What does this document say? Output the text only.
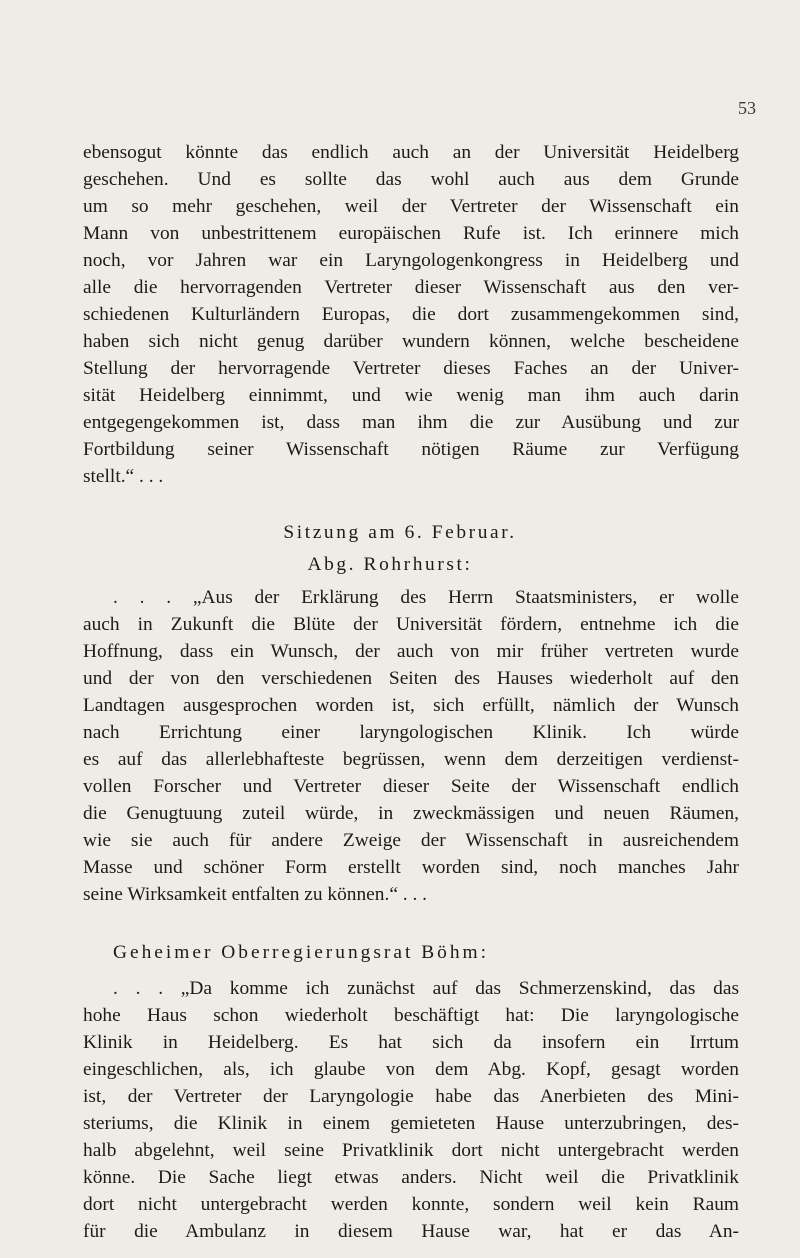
53
ebensogut könnte das endlich auch an der Universität Heidelberg
geschehen. Und es sollte das wohl auch aus dem Grunde
um so mehr geschehen, weil der Vertreter der Wissenschaft ein
Mann von unbestrittenem europäischen Rufe ist. Ich erinnere mich
noch, vor Jahren war ein Laryngologenkongress in Heidelberg und
alle die hervorragenden Vertreter dieser Wissenschaft aus den ver-
schiedenen Kulturländern Europas, die dort zusammengekommen sind,
haben sich nicht genug darüber wundern können, welche bescheidene
Stellung der hervorragende Vertreter dieses Faches an der Univer-
sität Heidelberg einnimmt, und wie wenig man ihm auch darin
entgegengekommen ist, dass man ihm die zur Ausübung und zur
Fortbildung seiner Wissenschaft nötigen Räume zur Verfügung
stellt.“ . . .
Sitzung am 6. Februar.
Abg. Rohrhurst:
. . . „Aus der Erklärung des Herrn Staatsministers, er wolle
auch in Zukunft die Blüte der Universität fördern, entnehme ich die
Hoffnung, dass ein Wunsch, der auch von mir früher vertreten wurde
und der von den verschiedenen Seiten des Hauses wiederholt auf den
Landtagen ausgesprochen worden ist, sich erfüllt, nämlich der Wunsch
nach Errichtung einer laryngologischen Klinik. Ich würde
es auf das allerlebhafteste begrüssen, wenn dem derzeitigen verdienst-
vollen Forscher und Vertreter dieser Seite der Wissenschaft endlich
die Genugtuung zuteil würde, in zweckmässigen und neuen Räumen,
wie sie auch für andere Zweige der Wissenschaft in ausreichendem
Masse und schöner Form erstellt worden sind, noch manches Jahr
seine Wirksamkeit entfalten zu können.“ . . .
Geheimer Oberregierungsrat Böhm:
. . . „Da komme ich zunächst auf das Schmerzenskind, das das
hohe Haus schon wiederholt beschäftigt hat: Die laryngologische
Klinik in Heidelberg. Es hat sich da insofern ein Irrtum
eingeschlichen, als, ich glaube von dem Abg. Kopf, gesagt worden
ist, der Vertreter der Laryngologie habe das Anerbieten des Mini-
steriums, die Klinik in einem gemieteten Hause unterzubringen, des-
halb abgelehnt, weil seine Privatklinik dort nicht untergebracht werden
könne. Die Sache liegt etwas anders. Nicht weil die Privatklinik
dort nicht untergebracht werden konnte, sondern weil kein Raum
für die Ambulanz in diesem Hause war, hat er das An-
